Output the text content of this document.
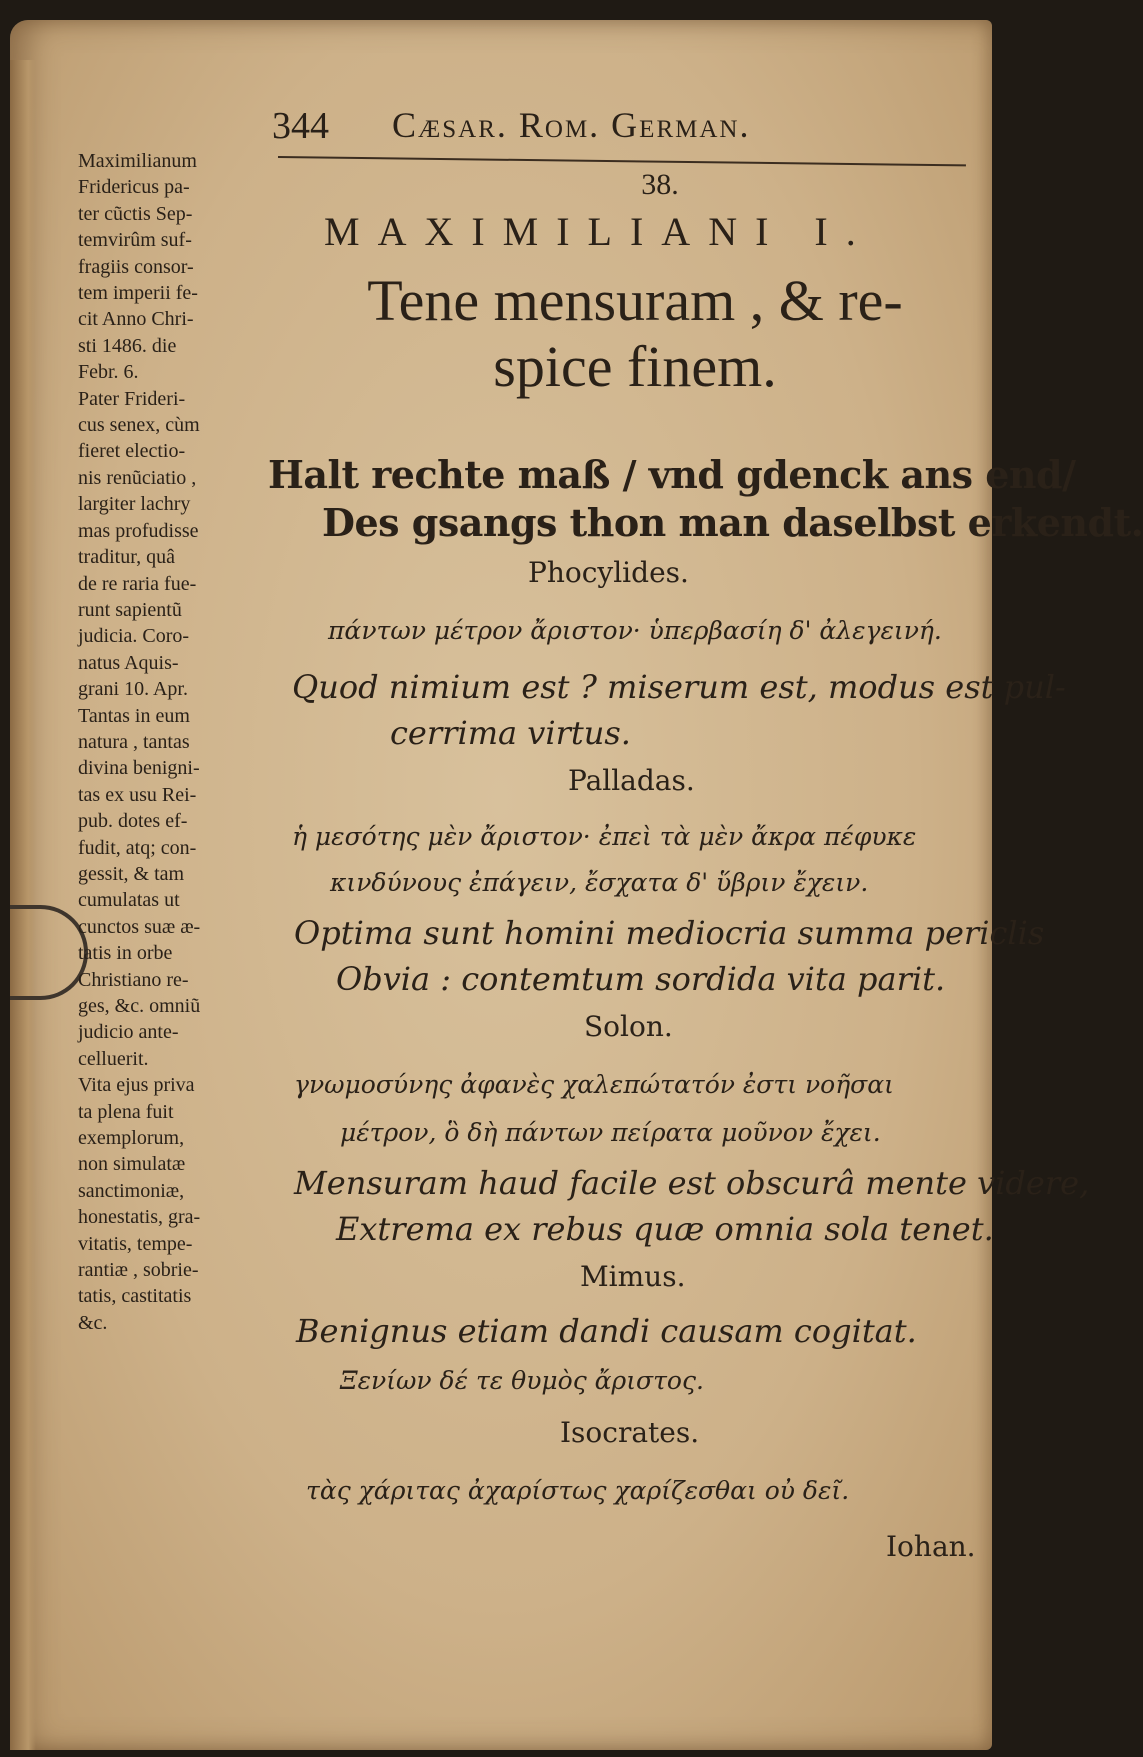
344 Cæsar. Rom. German.

Maximilianum

Fridericus pa-

ter cũctis Sep-

temvirûm suf-

fragiis consor-

tem imperii fe-

cit Anno Chri-

sti 1486. die

Febr. 6.

Pater Frideri-

cus senex, cùm

fieret electio-

nis renũciatio ,

largiter lachry

mas profudisse

traditur, quâ

de re raria fue-

runt sapientũ

judicia. Coro-

natus Aquis-

grani 10. Apr.

Tantas in eum

natura , tantas

divina benigni-

tas ex usu Rei-

pub. dotes ef-

fudit, atq; con-

gessit, & tam

cumulatas ut

cunctos suæ æ-

tatis in orbe

Christiano re-

ges, &c. omniũ

judicio ante-

celluerit.

Vita ejus priva

ta plena fuit

exemplorum,

non simulatæ

sanctimoniæ,

honestatis, gra-

vitatis, tempe-

rantiæ , sobrie-

tatis, castitatis

&c.

38.
MAXIMILIANI I.
Tene mensuram , & re-
spice finem.
Halt rechte maß / vnd gdenck ans end/
Des gsangs thon man daselbst erkendt.
Phocylides.
πάντων μέτρον ἄριστον· ὑπερβασίη δ' ἀλεγεινή.
Quod nimium est ? miserum est, modus est pul-
cerrima virtus.
Palladas.
ἡ μεσότης μὲν ἄριστον· ἐπεὶ τὰ μὲν ἄκρα πέφυκε
κινδύνους ἐπάγειν, ἔσχατα δ' ὕβριν ἔχειν.
Optima sunt homini mediocria summa periclis
Obvia : contemtum sordida vita parit.
Solon.
γνωμοσύνης ἀφανὲς χαλεπώτατόν ἐστι νοῆσαι
μέτρον, ὃ δὴ πάντων πείρατα μοῦνον ἔχει.
Mensuram haud facile est obscurâ mente videre,
Extrema ex rebus quæ omnia sola tenet.
Mimus.
Benignus etiam dandi causam cogitat.
Ξενίων δέ τε θυμὸς ἄριστος.
Isocrates.
τὰς χάριτας ἀχαρίστως χαρίζεσθαι οὐ δεῖ.
Iohan.
